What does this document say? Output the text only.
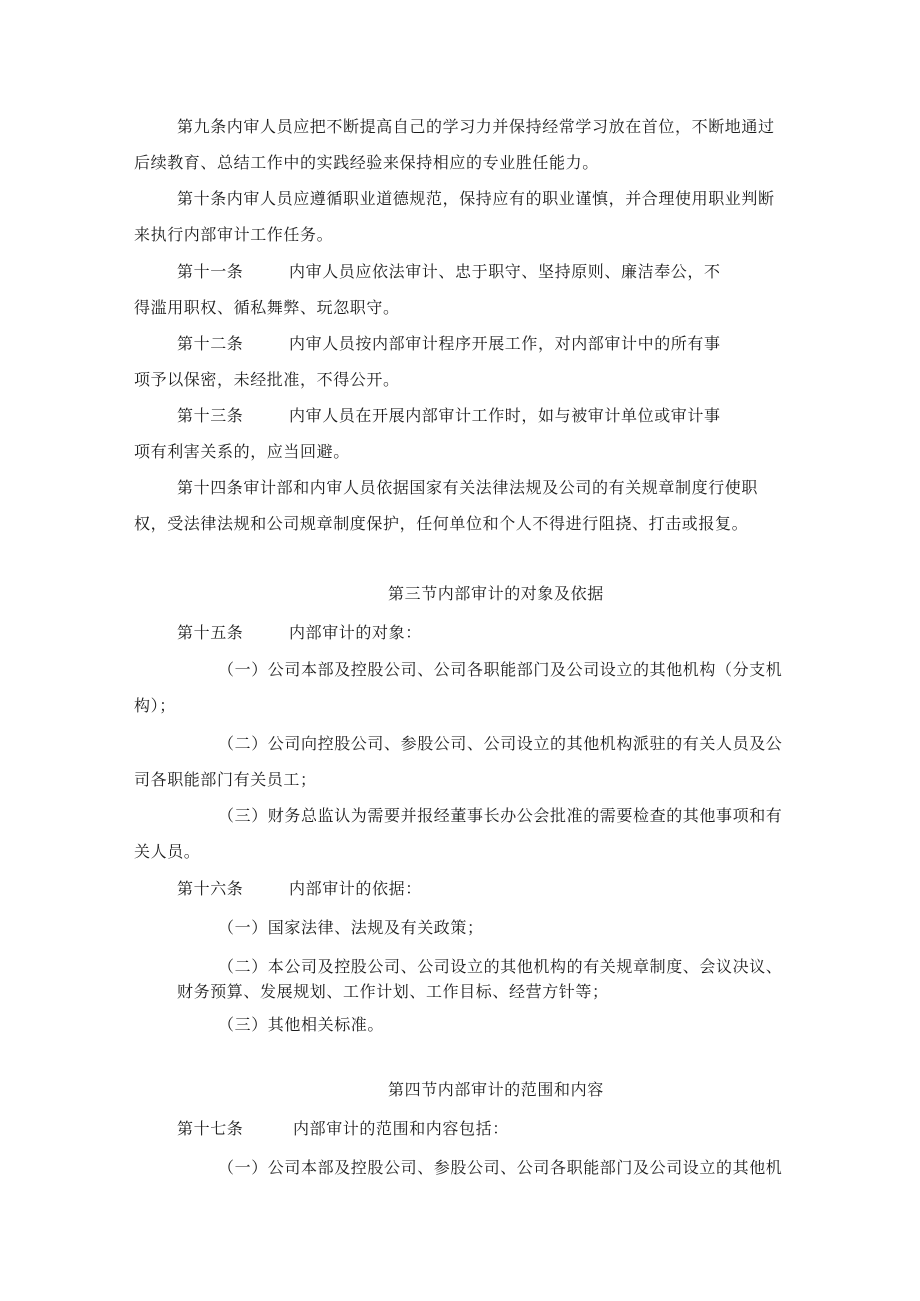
第九条内审人员应把不断提高自己的学习力并保持经常学习放在首位，不断地通过
后续教育、总结工作中的实践经验来保持相应的专业胜任能力。
第十条内审人员应遵循职业道德规范，保持应有的职业谨慎，并合理使用职业判断
来执行内部审计工作任务。
第十一条	内审人员应依法审计、忠于职守、坚持原则、廉洁奉公，不
得滥用职权、循私舞弊、玩忽职守。
第十二条	内审人员按内部审计程序开展工作，对内部审计中的所有事
项予以保密，未经批准，不得公开。
第十三条	内审人员在开展内部审计工作时，如与被审计单位或审计事
项有利害关系的，应当回避。
第十四条审计部和内审人员依据国家有关法律法规及公司的有关规章制度行使职
权，受法律法规和公司规章制度保护，任何单位和个人不得进行阻挠、打击或报复。
第三节内部审计的对象及依据
第十五条	内部审计的对象：
（一）公司本部及控股公司、公司各职能部门及公司设立的其他机构（分支机
构）；
（二）公司向控股公司、参股公司、公司设立的其他机构派驻的有关人员及公
司各职能部门有关员工；
（三）财务总监认为需要并报经董事长办公会批准的需要检查的其他事项和有
关人员。
第十六条	内部审计的依据：
（一）国家法律、法规及有关政策；
（二）本公司及控股公司、公司设立的其他机构的有关规章制度、会议决议、
财务预算、发展规划、工作计划、工作目标、经营方针等；
（三）其他相关标准。
第四节内部审计的范围和内容
第十七条	内部审计的范围和内容包括：
（一）公司本部及控股公司、参股公司、公司各职能部门及公司设立的其他机
